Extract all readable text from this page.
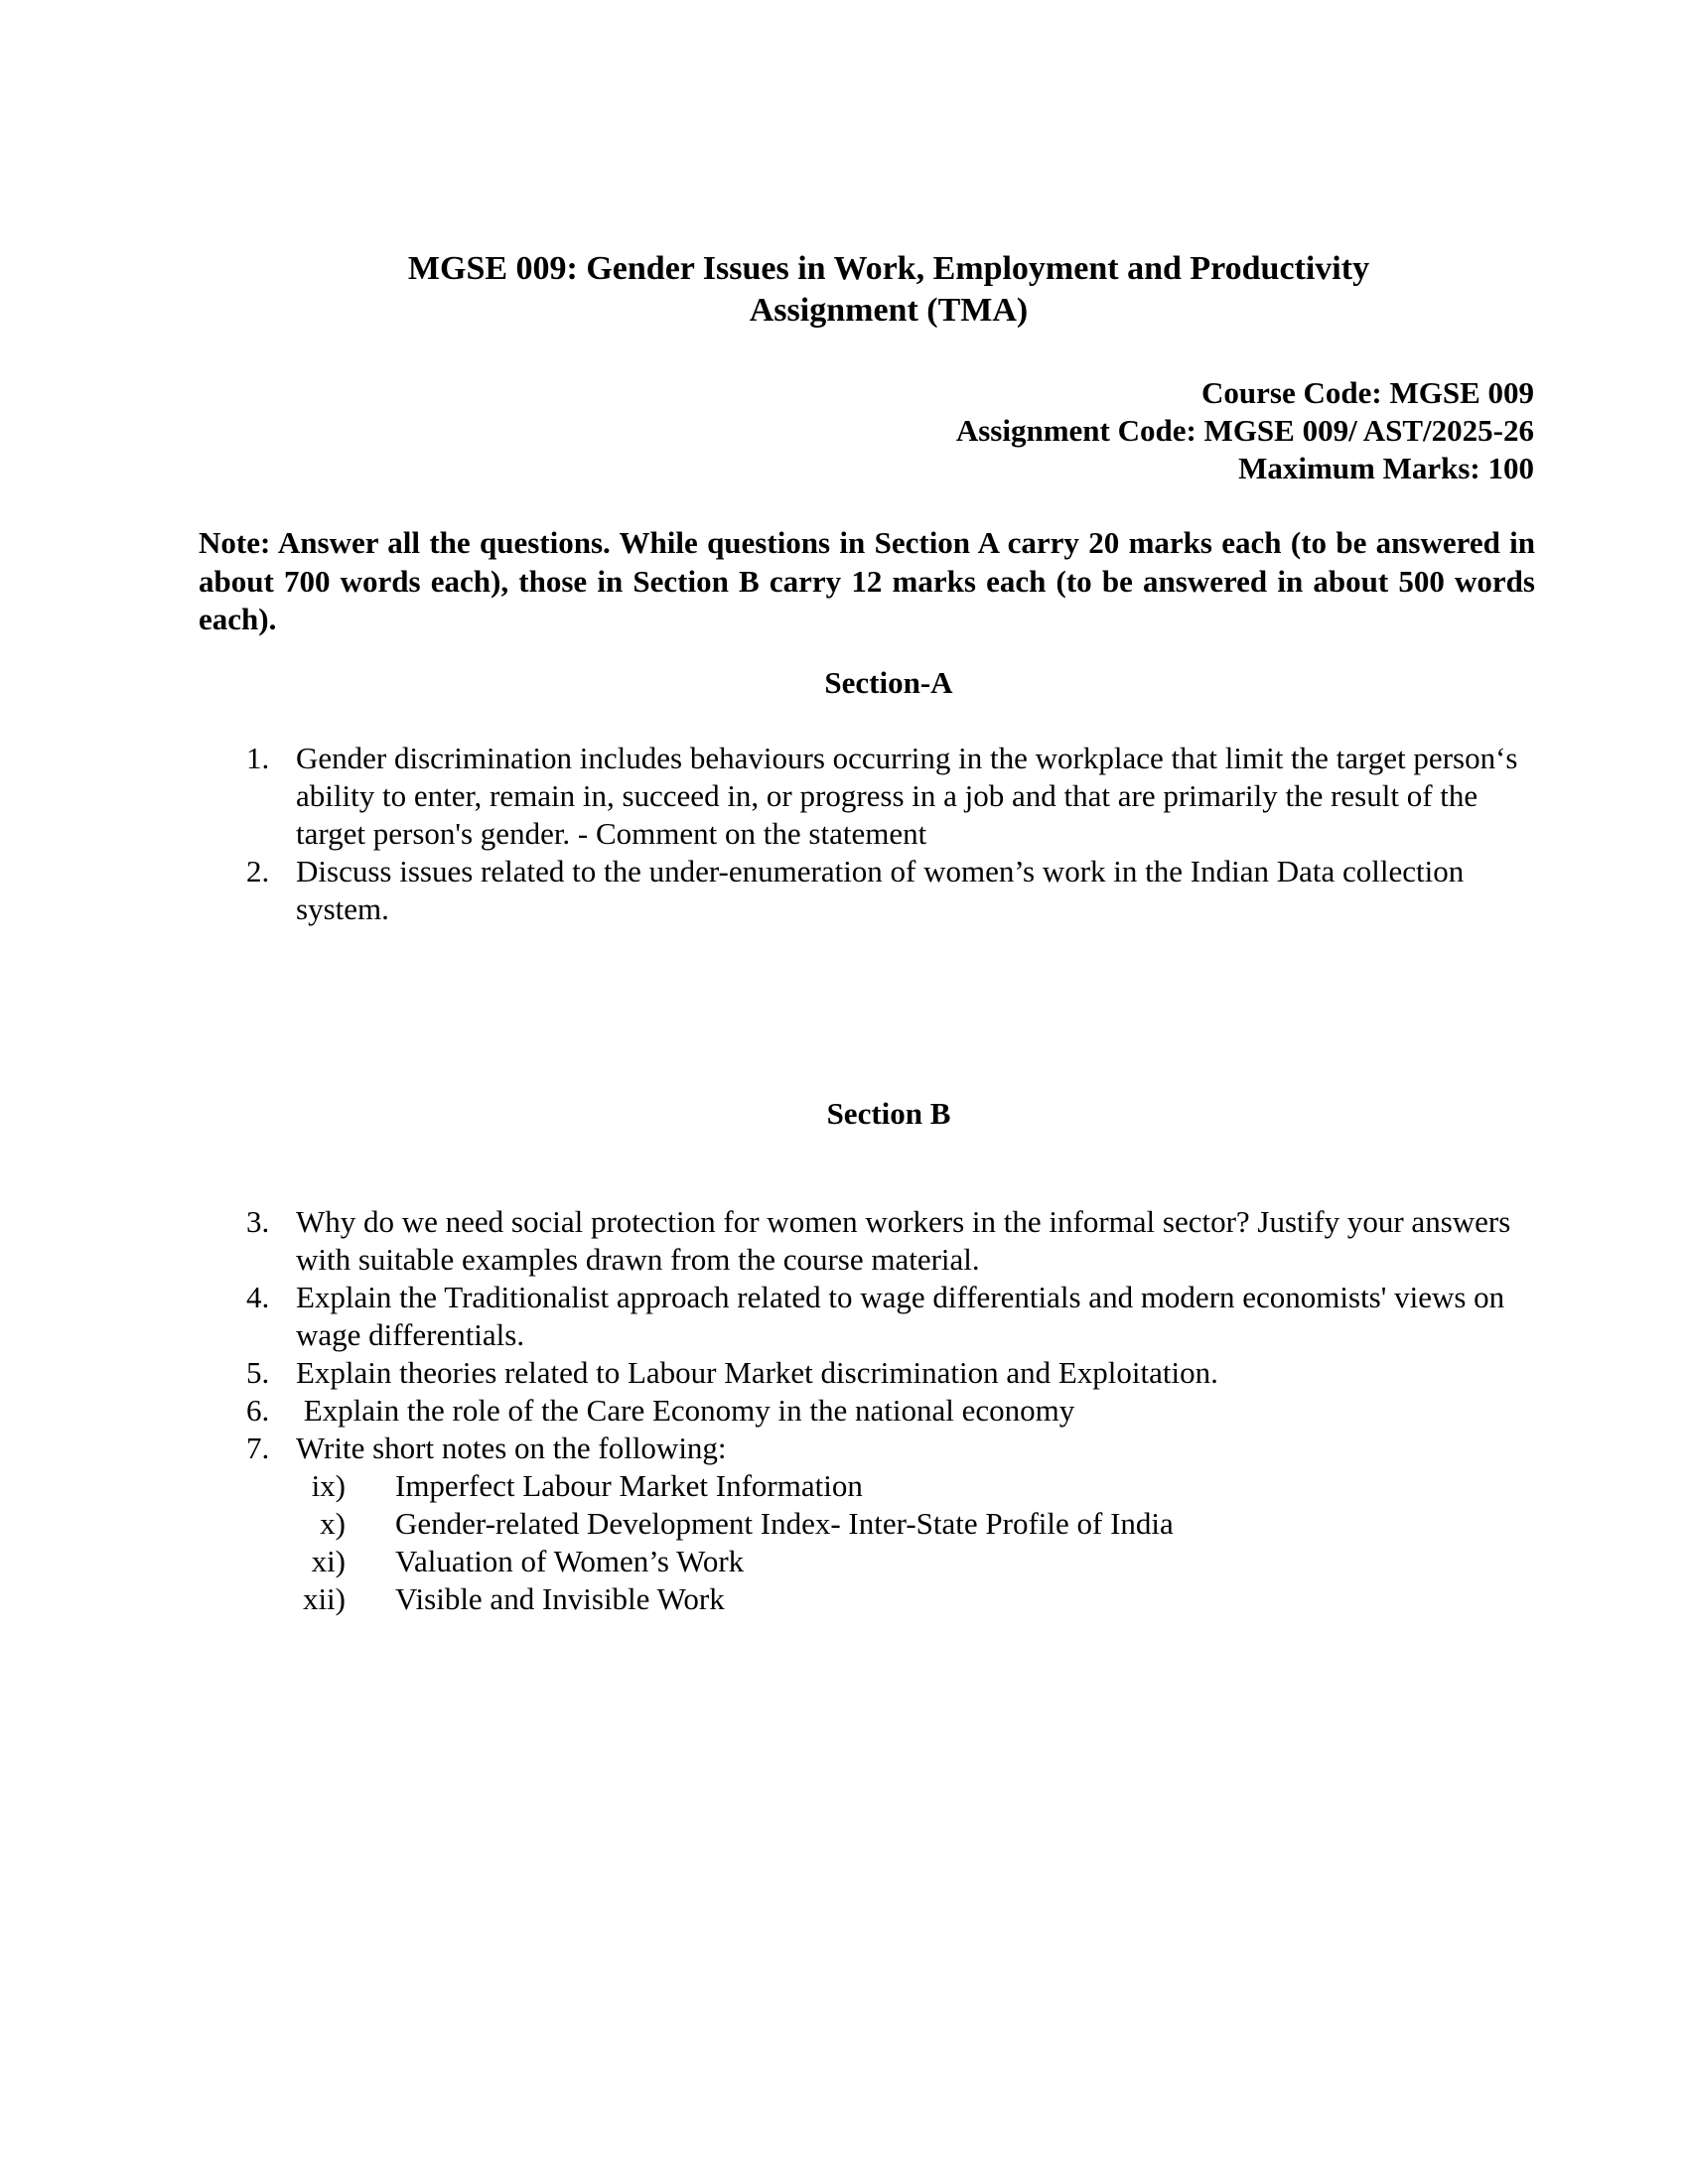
MGSE 009: Gender Issues in Work, Employment and Productivity
Assignment (TMA)
Course Code: MGSE 009
Assignment Code: MGSE 009/ AST/2025-26
Maximum Marks: 100
Note: Answer all the questions. While questions in Section A carry 20 marks each (to be answered in about 700 words each), those in Section B carry 12 marks each (to be answered in about 500 words each).
Section-A
1. Gender discrimination includes behaviours occurring in the workplace that limit the target person‘s ability to enter, remain in, succeed in, or progress in a job and that are primarily the result of the target person's gender. - Comment on the statement
2. Discuss issues related to the under-enumeration of women’s work in the Indian Data collection system.
Section B
3. Why do we need social protection for women workers in the informal sector? Justify your answers with suitable examples drawn from the course material.
4. Explain the Traditionalist approach related to wage differentials and modern economists' views on wage differentials.
5. Explain theories related to Labour Market discrimination and Exploitation.
6. Explain the role of the Care Economy in the national economy
7. Write short notes on the following:
ix) Imperfect Labour Market Information
x) Gender-related Development Index- Inter-State Profile of India
xi) Valuation of Women’s Work
xii) Visible and Invisible Work
